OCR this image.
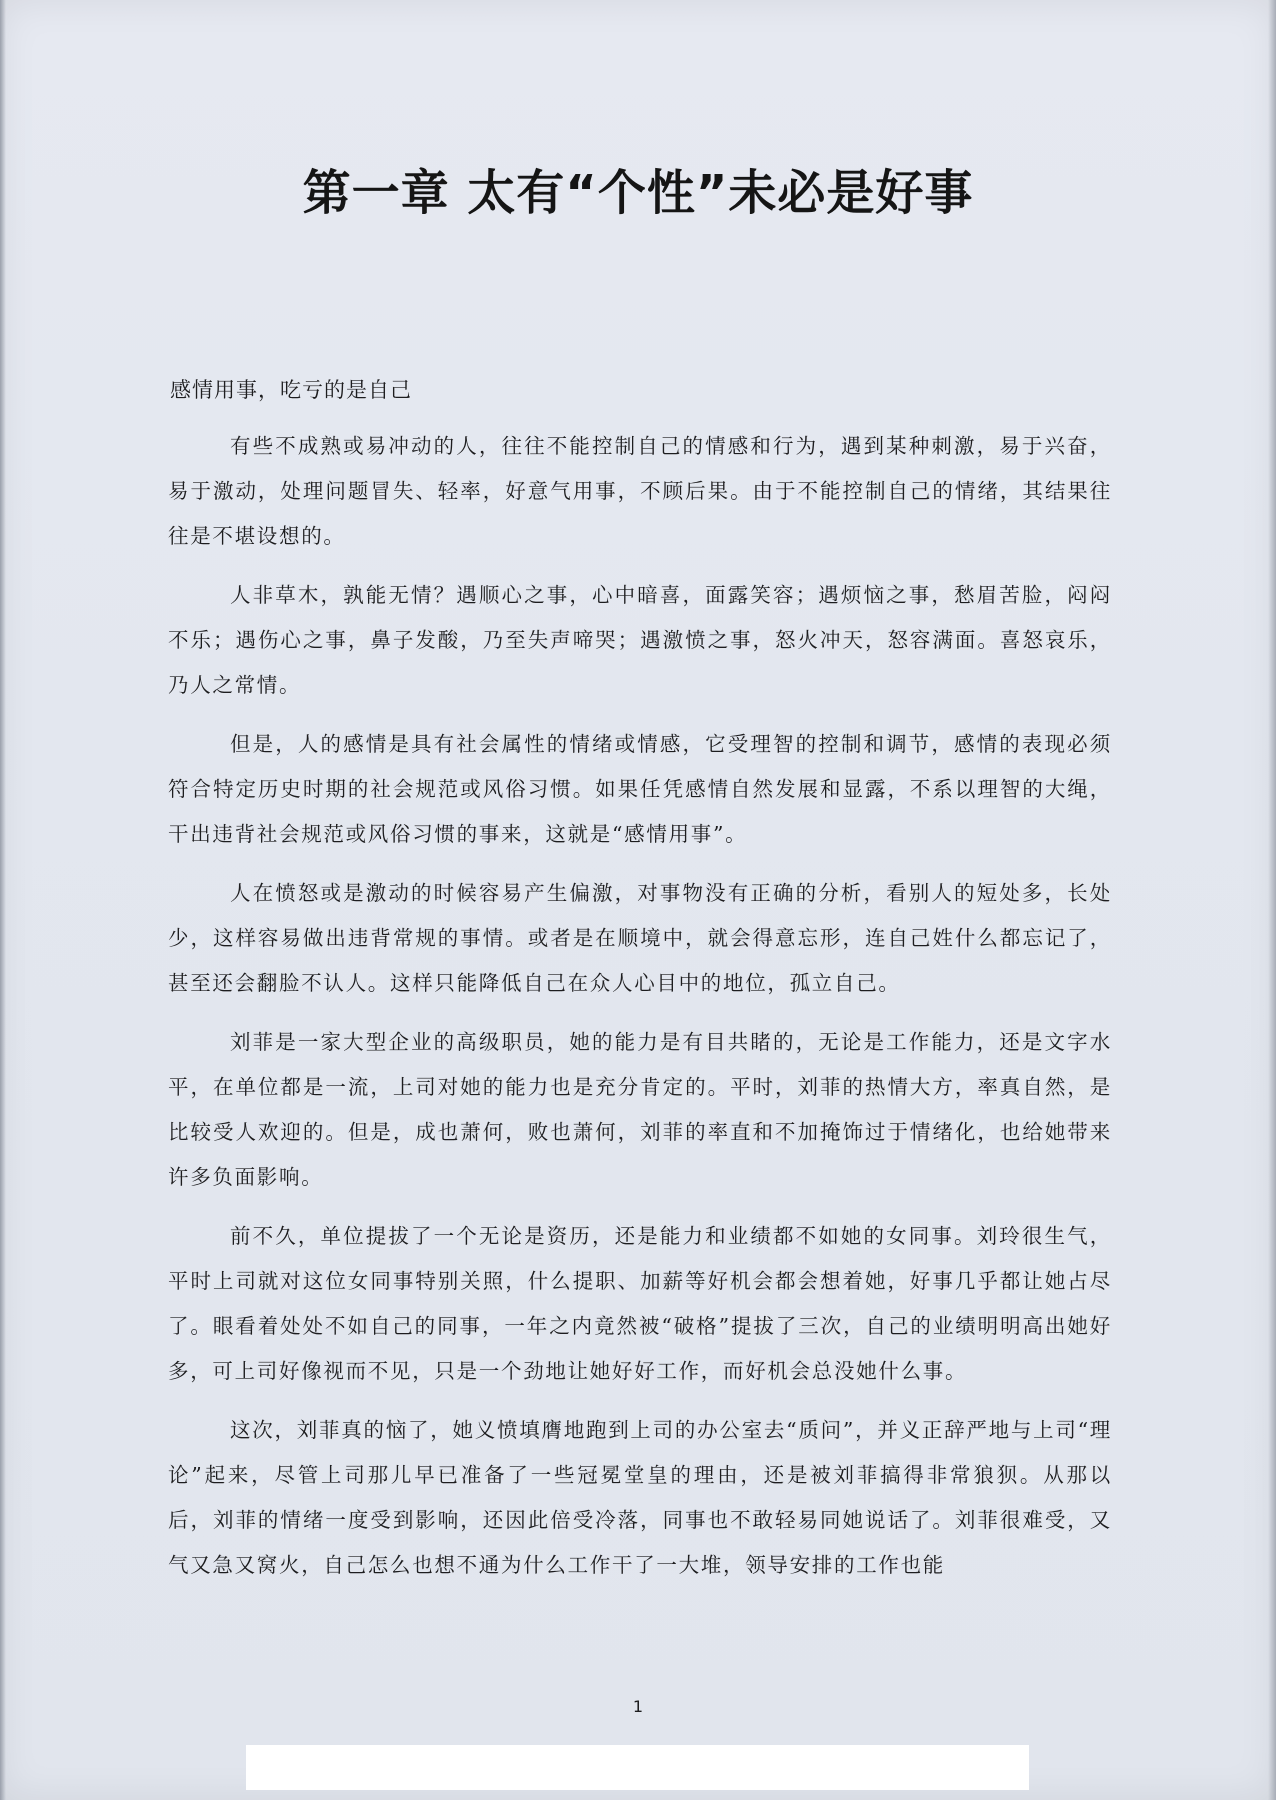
第一章 太有“个性”未必是好事
感情用事，吃亏的是自己

有些不成熟或易冲动的人，往往不能控制自己的情感和行为，遇到某种刺激，易于兴奋，易于激动，处理问题冒失、轻率，好意气用事，不顾后果。由于不能控制自己的情绪，其结果往往是不堪设想的。

人非草木，孰能无情？遇顺心之事，心中暗喜，面露笑容；遇烦恼之事，愁眉苦脸，闷闷不乐；遇伤心之事，鼻子发酸，乃至失声啼哭；遇激愤之事，怒火冲天，怒容满面。喜怒哀乐，乃人之常情。

但是，人的感情是具有社会属性的情绪或情感，它受理智的控制和调节，感情的表现必须符合特定历史时期的社会规范或风俗习惯。如果任凭感情自然发展和显露，不系以理智的大绳，干出违背社会规范或风俗习惯的事来，这就是“感情用事”。

人在愤怒或是激动的时候容易产生偏激，对事物没有正确的分析，看别人的短处多，长处少，这样容易做出违背常规的事情。或者是在顺境中，就会得意忘形，连自己姓什么都忘记了，甚至还会翻脸不认人。这样只能降低自己在众人心目中的地位，孤立自己。

刘菲是一家大型企业的高级职员，她的能力是有目共睹的，无论是工作能力，还是文字水平，在单位都是一流，上司对她的能力也是充分肯定的。平时，刘菲的热情大方，率真自然，是比较受人欢迎的。但是，成也萧何，败也萧何，刘菲的率直和不加掩饰过于情绪化，也给她带来许多负面影响。

前不久，单位提拔了一个无论是资历，还是能力和业绩都不如她的女同事。刘玲很生气，平时上司就对这位女同事特别关照，什么提职、加薪等好机会都会想着她，好事几乎都让她占尽了。眼看着处处不如自己的同事，一年之内竟然被“破格”提拔了三次，自己的业绩明明高出她好多，可上司好像视而不见，只是一个劲地让她好好工作，而好机会总没她什么事。

这次，刘菲真的恼了，她义愤填膺地跑到上司的办公室去“质问”，并义正辞严地与上司“理论”起来，尽管上司那儿早已准备了一些冠冕堂皇的理由，还是被刘菲搞得非常狼狈。从那以后，刘菲的情绪一度受到影响，还因此倍受冷落，同事也不敢轻易同她说话了。刘菲很难受，又气又急又窝火，自己怎么也想不通为什么工作干了一大堆，领导安排的工作也能

1
